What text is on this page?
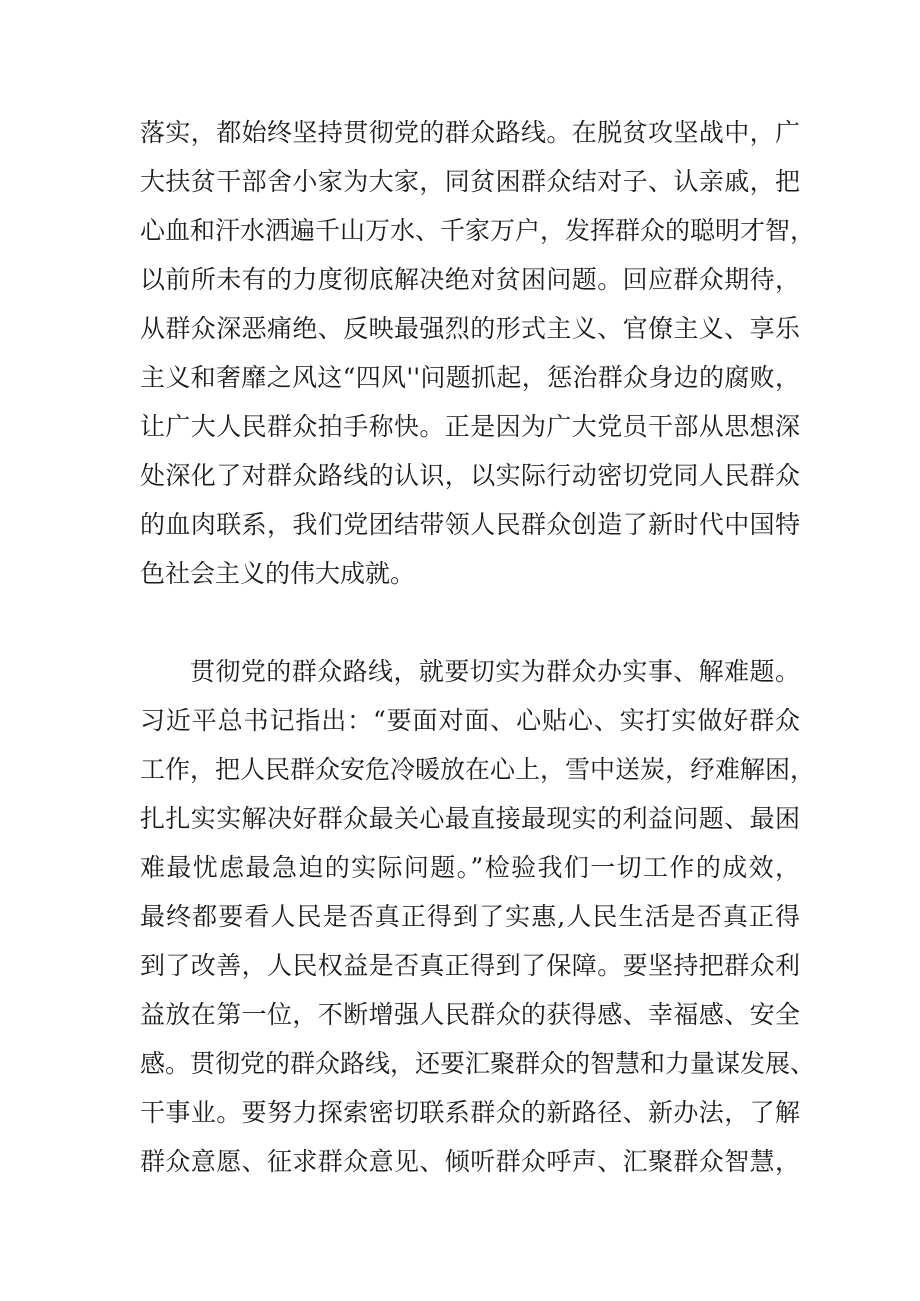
落实，都始终坚持贯彻党的群众路线。在脱贫攻坚战中，广
大扶贫干部舍小家为大家，同贫困群众结对子、认亲戚，把
心血和汗水洒遍千山万水、千家万户，发挥群众的聪明才智，
以前所未有的力度彻底解决绝对贫困问题。回应群众期待，
从群众深恶痛绝、反映最强烈的形式主义、官僚主义、享乐
主义和奢靡之风这“四风''问题抓起，惩治群众身边的腐败，
让广大人民群众拍手称快。正是因为广大党员干部从思想深
处深化了对群众路线的认识，以实际行动密切党同人民群众
的血肉联系，我们党团结带领人民群众创造了新时代中国特
色社会主义的伟大成就。
贯彻党的群众路线，就要切实为群众办实事、解难题。
习近平总书记指出：“要面对面、心贴心、实打实做好群众
工作，把人民群众安危冷暖放在心上，雪中送炭，纾难解困，
扎扎实实解决好群众最关心最直接最现实的利益问题、最困
难最忧虑最急迫的实际问题。”检验我们一切工作的成效，
最终都要看人民是否真正得到了实惠,人民生活是否真正得
到了改善，人民权益是否真正得到了保障。要坚持把群众利
益放在第一位，不断增强人民群众的获得感、幸福感、安全
感。贯彻党的群众路线，还要汇聚群众的智慧和力量谋发展、
干事业。要努力探索密切联系群众的新路径、新办法，了解
群众意愿、征求群众意见、倾听群众呼声、汇聚群众智慧，
